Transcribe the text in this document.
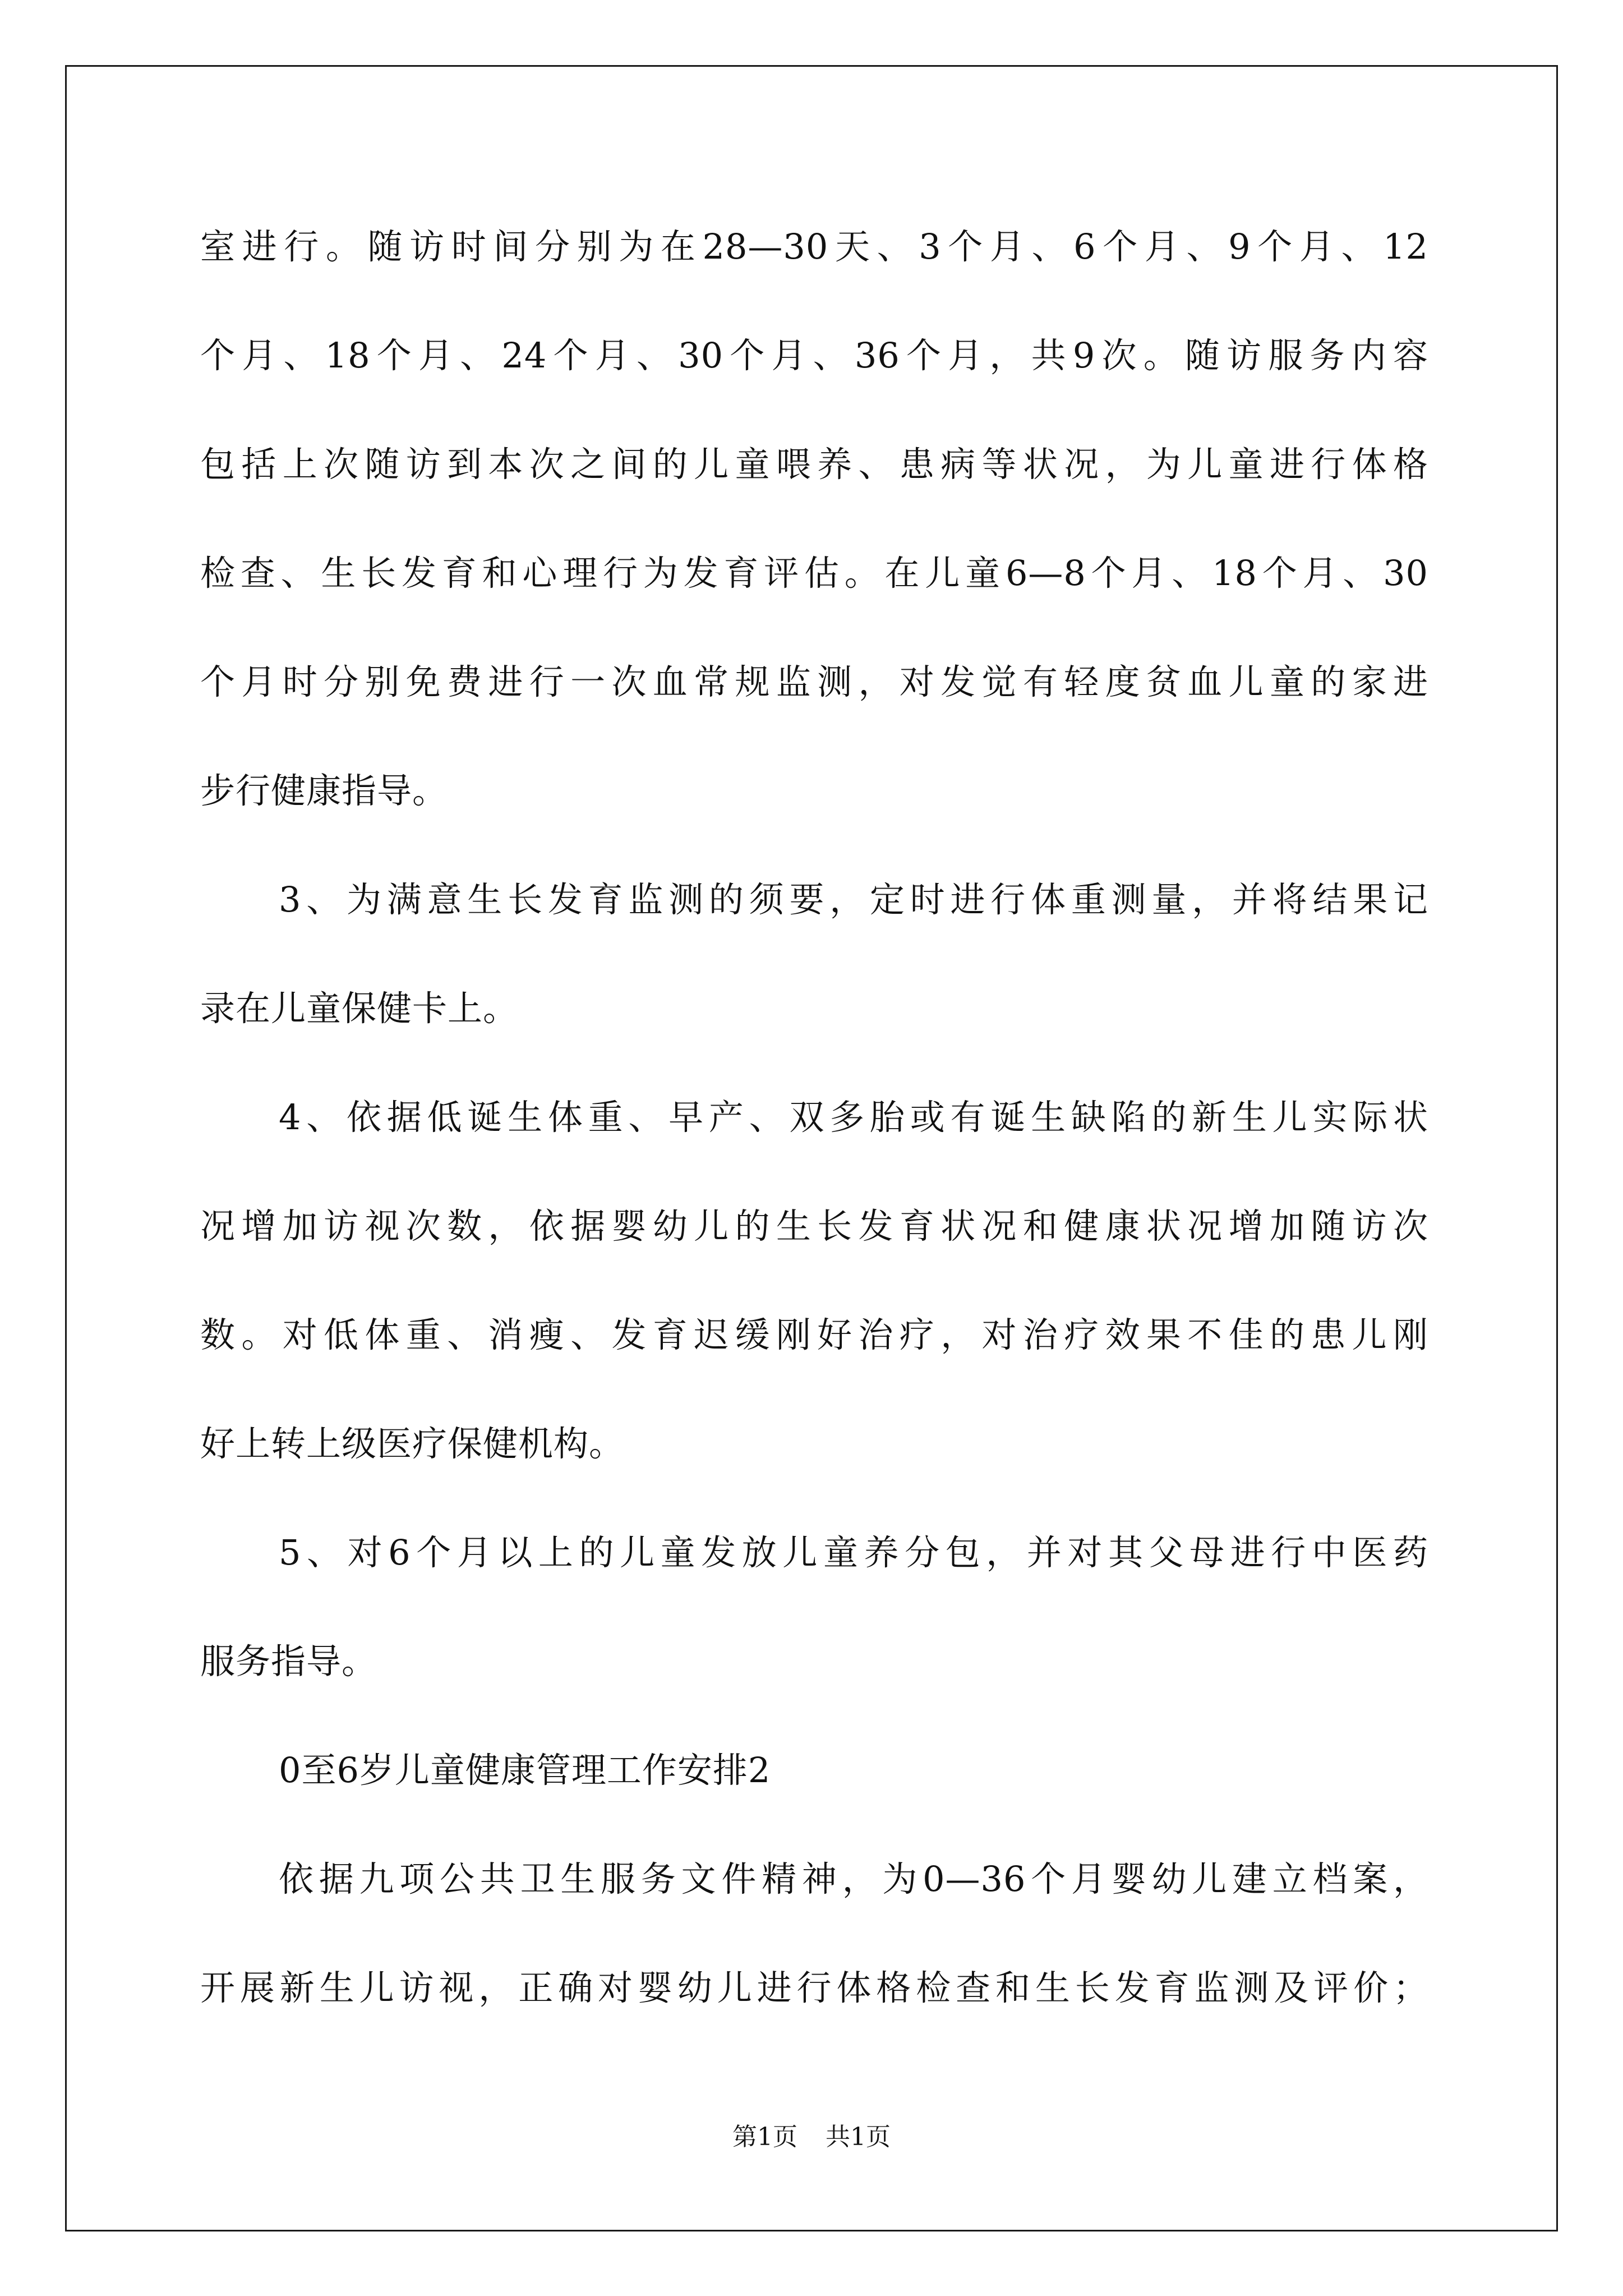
室进行。随访时间分别为在28—30天、3个月、6个月、9个月、12
个月、18个月、24个月、30个月、36个月，共9次。随访服务内容
包括上次随访到本次之间的儿童喂养、患病等状况，为儿童进行体格
检查、生长发育和心理行为发育评估。在儿童6—8个月、18个月、30
个月时分别免费进行一次血常规监测，对发觉有轻度贫血儿童的家进
步行健康指导。
3、为满意生长发育监测的须要，定时进行体重测量，并将结果记
录在儿童保健卡上。
4、依据低诞生体重、早产、双多胎或有诞生缺陷的新生儿实际状
况增加访视次数，依据婴幼儿的生长发育状况和健康状况增加随访次
数。对低体重、消瘦、发育迟缓刚好治疗，对治疗效果不佳的患儿刚
好上转上级医疗保健机构。
5、对6个月以上的儿童发放儿童养分包，并对其父母进行中医药
服务指导。
0至6岁儿童健康管理工作安排2
依据九项公共卫生服务文件精神，为0—36个月婴幼儿建立档案，
开展新生儿访视，正确对婴幼儿进行体格检查和生长发育监测及评价；
第1页 共1页
